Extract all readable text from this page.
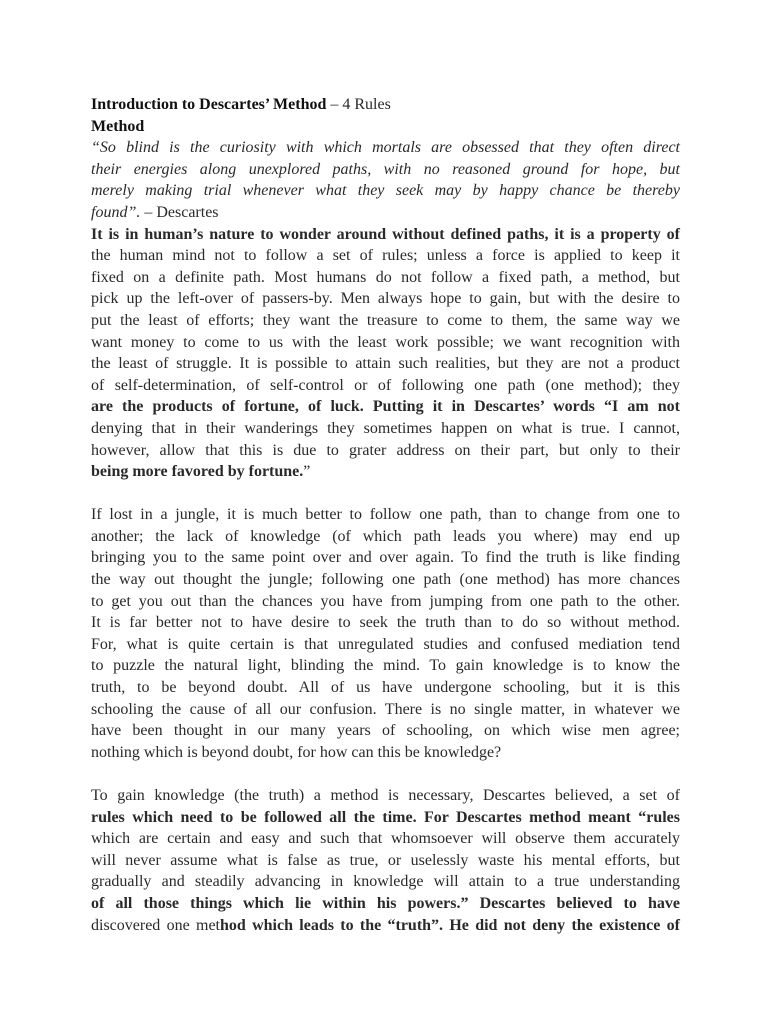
Introduction to Descartes’ Method – 4 Rules
Method
“So blind is the curiosity with which mortals are obsessed that they often direct
their energies along unexplored paths, with no reasoned ground for hope, but
merely making trial whenever what they seek may by happy chance be thereby
found”. – Descartes
It is in human’s nature to wonder around without defined paths, it is a property of
the human mind not to follow a set of rules; unless a force is applied to keep it
fixed on a definite path. Most humans do not follow a fixed path, a method, but
pick up the left-over of passers-by. Men always hope to gain, but with the desire to
put the least of efforts; they want the treasure to come to them, the same way we
want money to come to us with the least work possible; we want recognition with
the least of struggle. It is possible to attain such realities, but they are not a product
of self-determination, of self-control or of following one path (one method); they
are the products of fortune, of luck. Putting it in Descartes’ words “I am not
denying that in their wanderings they sometimes happen on what is true. I cannot,
however, allow that this is due to grater address on their part, but only to their
being more favored by fortune.”
If lost in a jungle, it is much better to follow one path, than to change from one to
another; the lack of knowledge (of which path leads you where) may end up
bringing you to the same point over and over again. To find the truth is like finding
the way out thought the jungle; following one path (one method) has more chances
to get you out than the chances you have from jumping from one path to the other.
It is far better not to have desire to seek the truth than to do so without method.
For, what is quite certain is that unregulated studies and confused mediation tend
to puzzle the natural light, blinding the mind. To gain knowledge is to know the
truth, to be beyond doubt. All of us have undergone schooling, but it is this
schooling the cause of all our confusion. There is no single matter, in whatever we
have been thought in our many years of schooling, on which wise men agree;
nothing which is beyond doubt, for how can this be knowledge?
To gain knowledge (the truth) a method is necessary, Descartes believed, a set of
rules which need to be followed all the time. For Descartes method meant “rules
which are certain and easy and such that whomsoever will observe them accurately
will never assume what is false as true, or uselessly waste his mental efforts, but
gradually and steadily advancing in knowledge will attain to a true understanding
of all those things which lie within his powers.” Descartes believed to have
discovered one method which leads to the “truth”. He did not deny the existence of
